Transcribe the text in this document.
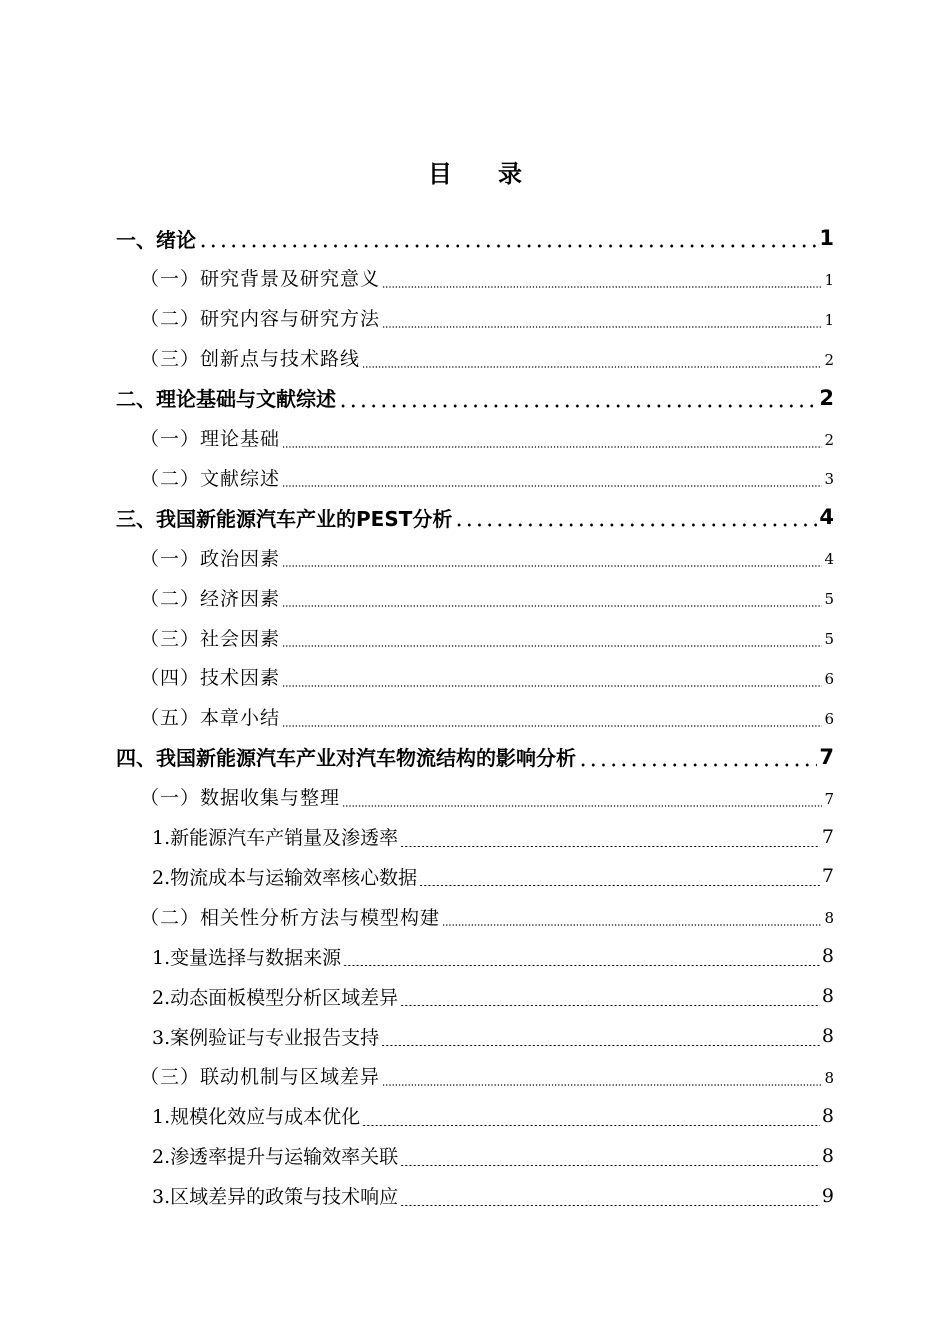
目录
一、绪论	1
（一）研究背景及研究意义	1
（二）研究内容与研究方法	1
（三）创新点与技术路线	2
二、理论基础与文献综述	2
（一）理论基础	2
（二）文献综述	3
三、我国新能源汽车产业的PEST分析	4
（一）政治因素	4
（二）经济因素	5
（三）社会因素	5
（四）技术因素	6
（五）本章小结	6
四、我国新能源汽车产业对汽车物流结构的影响分析	7
（一）数据收集与整理	7
1.新能源汽车产销量及渗透率	7
2.物流成本与运输效率核心数据	7
（二）相关性分析方法与模型构建	8
1.变量选择与数据来源	8
2.动态面板模型分析区域差异	8
3.案例验证与专业报告支持	8
（三）联动机制与区域差异	8
1.规模化效应与成本优化	8
2.渗透率提升与运输效率关联	8
3.区域差异的政策与技术响应	9
